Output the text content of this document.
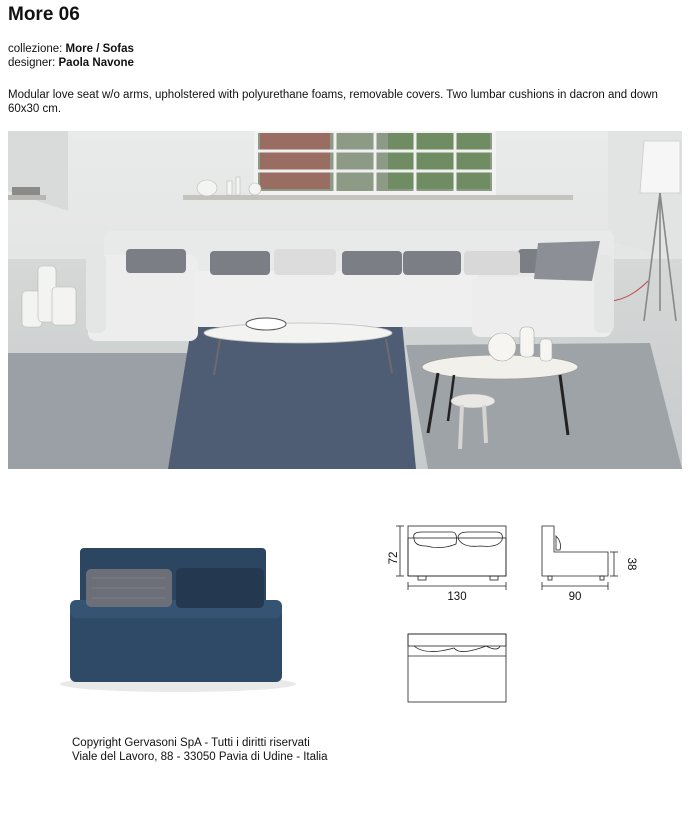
More 06
collezione: More / Sofas
designer: Paola Navone
Modular love seat w/o arms, upholstered with polyurethane foams, removable covers. Two lumbar cushions in dacron and down 60x30 cm.
72
130	90
38
Copyright Gervasoni SpA - Tutti i diritti riservati
Viale del Lavoro, 88 - 33050 Pavia di Udine - Italia
